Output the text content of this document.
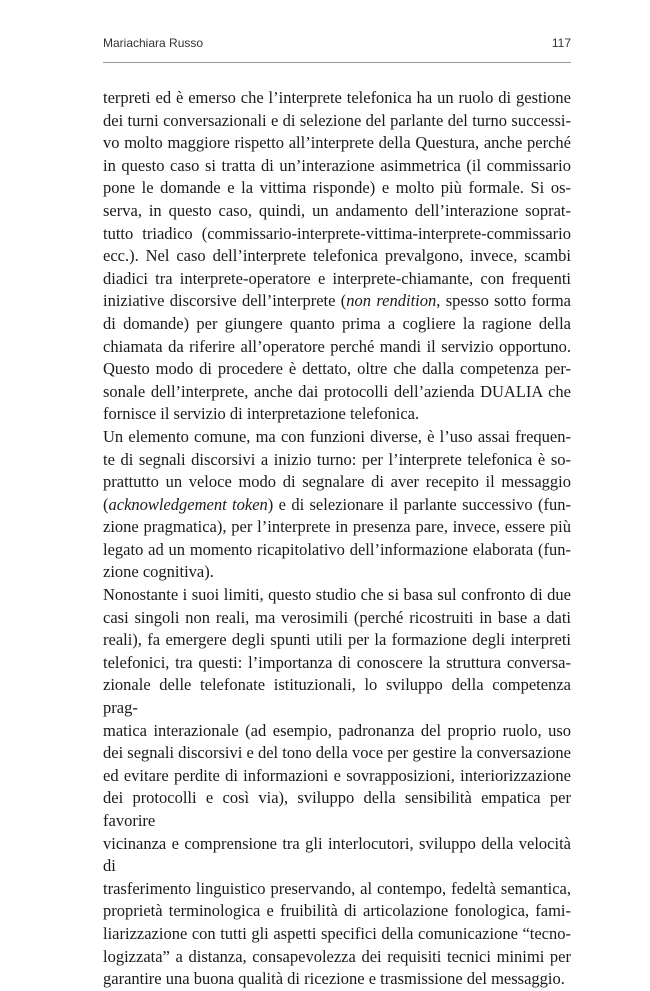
Mariachiara Russo	117

terpreti ed è emerso che l’interprete telefonica ha un ruolo di gestione

dei turni conversazionali e di selezione del parlante del turno successi-

vo molto maggiore rispetto all’interprete della Questura, anche perché

in questo caso si tratta di un’interazione asimmetrica (il commissario

pone le domande e la vittima risponde) e molto più formale. Si os-

serva, in questo caso, quindi, un andamento dell’interazione soprat-

tutto triadico (commissario-interprete-vittima-interprete-commissario

ecc.). Nel caso dell’interprete telefonica prevalgono, invece, scambi

diadici tra interprete-operatore e interprete-chiamante, con frequenti

iniziative discorsive dell’interprete (non rendition, spesso sotto forma

di domande) per giungere quanto prima a cogliere la ragione della

chiamata da riferire all’operatore perché mandi il servizio opportuno.

Questo modo di procedere è dettato, oltre che dalla competenza per-

sonale dell’interprete, anche dai protocolli dell’azienda DUALIA che

fornisce il servizio di interpretazione telefonica.

Un elemento comune, ma con funzioni diverse, è l’uso assai frequen-

te di segnali discorsivi a inizio turno: per l’interprete telefonica è so-

prattutto un veloce modo di segnalare di aver recepito il messaggio

(acknowledgement token) e di selezionare il parlante successivo (fun-

zione pragmatica), per l’interprete in presenza pare, invece, essere più

legato ad un momento ricapitolativo dell’informazione elaborata (fun-

zione cognitiva).

Nonostante i suoi limiti, questo studio che si basa sul confronto di due

casi singoli non reali, ma verosimili (perché ricostruiti in base a dati

reali), fa emergere degli spunti utili per la formazione degli interpreti

telefonici, tra questi: l’importanza di conoscere la struttura conversa-

zionale delle telefonate istituzionali, lo sviluppo della competenza prag-

matica interazionale (ad esempio, padronanza del proprio ruolo, uso

dei segnali discorsivi e del tono della voce per gestire la conversazione

ed evitare perdite di informazioni e sovrapposizioni, interiorizzazione

dei protocolli e così via), sviluppo della sensibilità empatica per favorire

vicinanza e comprensione tra gli interlocutori, sviluppo della velocità di

trasferimento linguistico preservando, al contempo, fedeltà semantica,

proprietà terminologica e fruibilità di articolazione fonologica, fami-

liarizzazione con tutti gli aspetti specifici della comunicazione “tecno-

logizzata” a distanza, consapevolezza dei requisiti tecnici minimi per

garantire una buona qualità di ricezione e trasmissione del messaggio.
